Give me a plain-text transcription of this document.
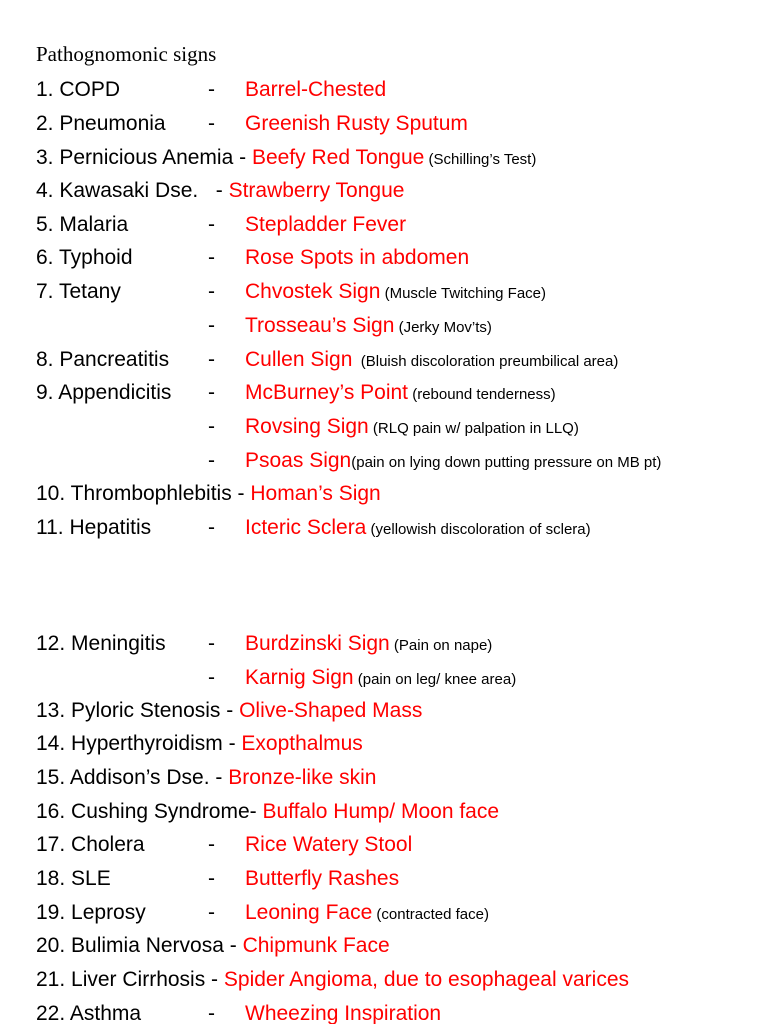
Pathognomonic signs
1. COPD	- Barrel-Chested
2. Pneumonia - Greenish Rusty Sputum
3. Pernicious Anemia - Beefy Red Tongue (Schilling’s Test)
4. Kawasaki Dse.   - Strawberry Tongue
5. Malaria	- Stepladder Fever
6. Typhoid	- Rose Spots in abdomen
7. Tetany	- Chvostek Sign (Muscle Twitching Face)
- Trosseau’s Sign (Jerky Mov’ts)
8. Pancreatitis - Cullen Sign  (Bluish discoloration preumbilical area)
9. Appendicitis - McBurney’s Point (rebound tenderness)
- Rovsing Sign (RLQ pain w/ palpation in LLQ)
- Psoas Sign(pain on lying down putting pressure on MB pt)
10. Thrombophlebitis - Homan’s Sign
11. Hepatitis	- Icteric Sclera (yellowish discoloration of sclera)
12. Meningitis - Burdzinski Sign (Pain on nape)
- Karnig Sign (pain on leg/ knee area)
13. Pyloric Stenosis - Olive-Shaped Mass
14. Hyperthyroidism - Exopthalmus
15. Addison’s Dse. - Bronze-like skin
16. Cushing Syndrome- Buffalo Hump/ Moon face
17. Cholera	- Rice Watery Stool
18. SLE	- Butterfly Rashes
19. Leprosy	- Leoning Face (contracted face)
20. Bulimia Nervosa - Chipmunk Face
21. Liver Cirrhosis - Spider Angioma, due to esophageal varices
22. Asthma	- Wheezing Inspiration
